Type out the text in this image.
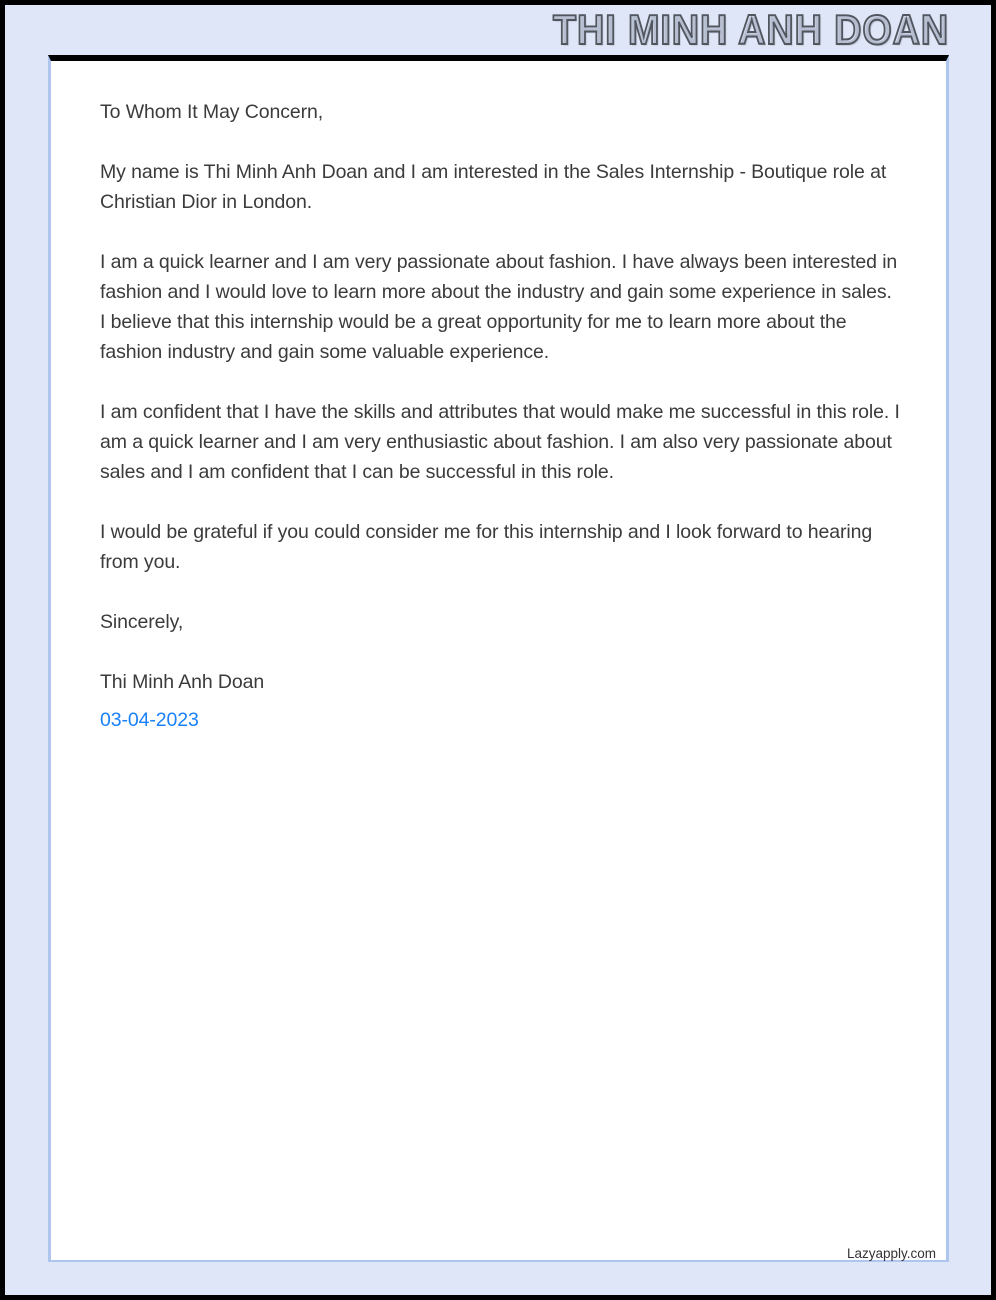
THI MINH ANH DOAN

To Whom It May Concern,

My name is Thi Minh Anh Doan and I am interested in the Sales Internship - Boutique role at Christian Dior in London.

I am a quick learner and I am very passionate about fashion. I have always been interested in fashion and I would love to learn more about the industry and gain some experience in sales. I believe that this internship would be a great opportunity for me to learn more about the fashion industry and gain some valuable experience.

I am confident that I have the skills and attributes that would make me successful in this role. I am a quick learner and I am very enthusiastic about fashion. I am also very passionate about sales and I am confident that I can be successful in this role.

I would be grateful if you could consider me for this internship and I look forward to hearing from you.

Sincerely,

Thi Minh Anh Doan

03-04-2023

Lazyapply.com
